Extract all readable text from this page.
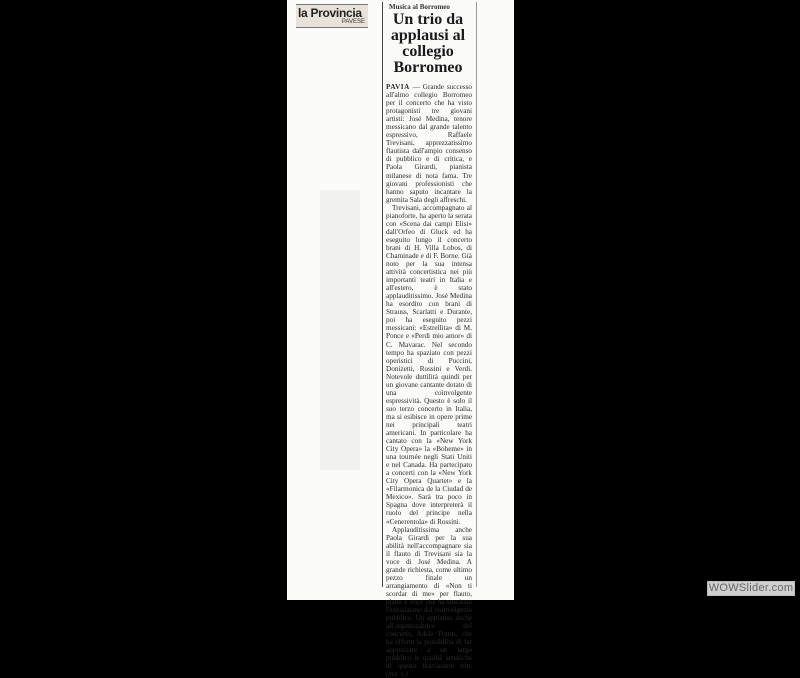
la Provincia
PAVESE
Musica al Borromeo
Un trio da applausi al collegio Borromeo

PAVIA — Grande successo all'almo collegio Borromeo per il concerto che ha visto protagonisti tre giovani artisti: José Medina, tenore messicano dal grande talento espressivo, Raffaele Trevisani, apprezzatissimo flautista dall'ampio consenso di pubblico e di critica, e Paola Girardi, pianista milanese di nota fama. Tre giovani professionisti che hanno saputo incantare la gremita Sala degli affreschi.

Trevisani, accompagnato al pianoforte, ha aperto la serata con «Scena dai campi Elisi» dall'Orfeo di Gluck ed ha eseguito lungo il concerto brani di H. Villa Lobos, di Chaminade e di F. Borne. Già noto per la sua intensa attività concertistica nei più importanti teatri in Italia e all'estero, è stato applauditissimo. José Medina ha esordito con brani di Strauss, Scarlatti e Durante, poi ha eseguito pezzi messicani: «Estrellita» di M. Ponce e «Perdi mio amor» di C. Mavarac. Nel secondo tempo ha spaziato con pezzi operistici di Puccini, Donizetti, Rossini e Verdi. Notevole duttilità quindi per un giovane cantante dotato di una coinvolgente espressività. Questo è solo il suo terzo concerto in Italia, ma si esibisce in opere prime nei principali teatri americani. In particolare ha cantato con la «New York City Opera» la «Boheme» in una tournée negli Stati Uniti e nel Canada. Ha partecipato a concerti con la «New York City Opera Quartet» e la «Filarmonica de la Ciudad de Mexico». Sarà tra poco in Spagna dove interpreterà il ruolo del principe nella «Cenerentola» di Rossini.

Applauditissima anche Paola Girardi per la sua abilità nell'accompagnare sia il flauto di Trevisani sia la voce di José Medina. A grande richiesta, come ultimo pezzo finale un arrangiamento di «Non ti scordar di me» per flauto, piano e voce che ha suscitato l'entusiasmo del coinvolgente pubblico. Un applauso anche all'organizzatrice del concerto, Adele Fratus, che ha offerto la possibilità di far apprezzare a un largo pubblico le qualità artistiche di questo bravissimo trio. (mo. s.)

WOWSlider.com
